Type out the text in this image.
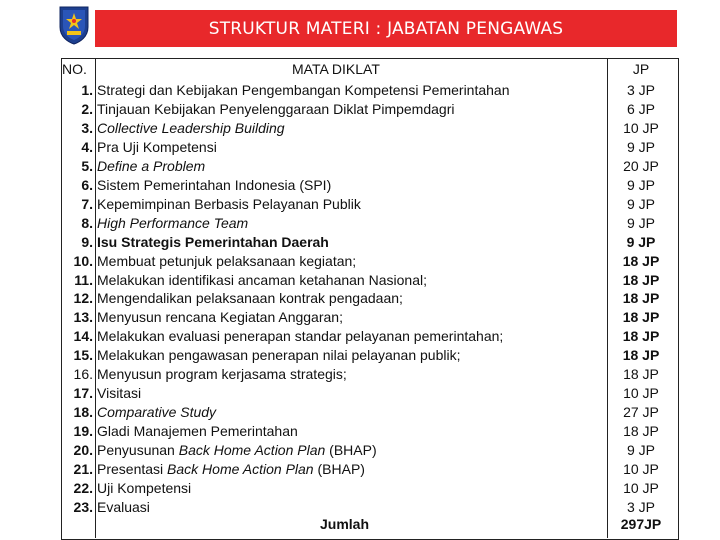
STRUKTUR MATERI : JABATAN PENGAWAS
NO.	MATA DIKLAT	JP
1. Strategi dan Kebijakan Pengembangan Kompetensi Pemerintahan	3 JP
2. Tinjauan Kebijakan Penyelenggaraan Diklat Pimpemdagri	6 JP
3. Collective Leadership Building	10 JP
4. Pra Uji Kompetensi	9 JP
5. Define a Problem	20 JP
6. Sistem Pemerintahan Indonesia (SPI)	9 JP
7. Kepemimpinan Berbasis Pelayanan Publik	9 JP
8. High Performance Team	9 JP
9. Isu Strategis Pemerintahan Daerah	9 JP
10. Membuat petunjuk pelaksanaan kegiatan;	18 JP
11. Melakukan identifikasi ancaman ketahanan Nasional;	18 JP
12. Mengendalikan pelaksanaan kontrak pengadaan;	18 JP
13. Menyusun rencana Kegiatan Anggaran;	18 JP
14. Melakukan evaluasi penerapan standar pelayanan pemerintahan;	18 JP
15. Melakukan pengawasan penerapan nilai pelayanan publik;	18 JP
16. Menyusun program kerjasama strategis;	18 JP
17. Visitasi	10 JP
18. Comparative Study	27 JP
19. Gladi Manajemen Pemerintahan	18 JP
20. Penyusunan Back Home Action Plan (BHAP)	9 JP
21. Presentasi Back Home Action Plan (BHAP)	10 JP
22. Uji Kompetensi	10 JP
23. Evaluasi	3 JP
Jumlah	297JP
